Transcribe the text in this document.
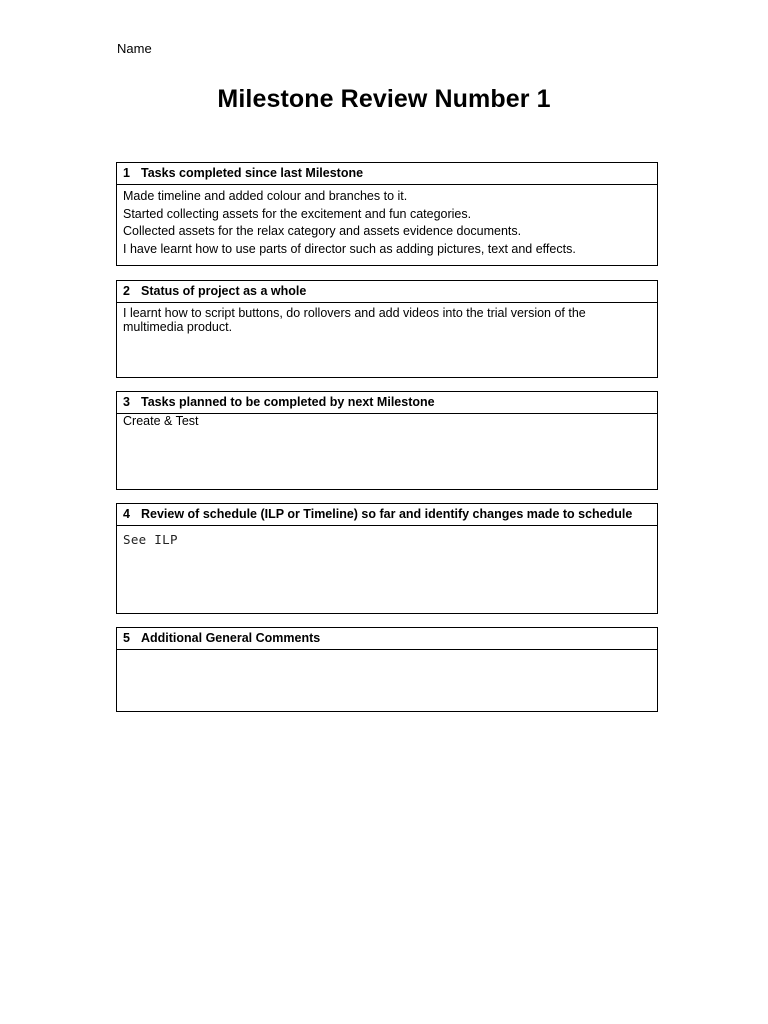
Name
Milestone Review Number 1
1 Tasks completed since last Milestone
Made timeline and added colour and branches to it.
Started collecting assets for the excitement and fun categories.
Collected assets for the relax category and assets evidence documents.
I have learnt how to use parts of director such as adding pictures, text and effects.
2 Status of project as a whole
I learnt how to script buttons, do rollovers and add videos into the trial version of the
multimedia product.
3 Tasks planned to be completed by next Milestone
Create & Test
4 Review of schedule (ILP or Timeline) so far and identify changes made to schedule
See ILP
5 Additional General Comments
